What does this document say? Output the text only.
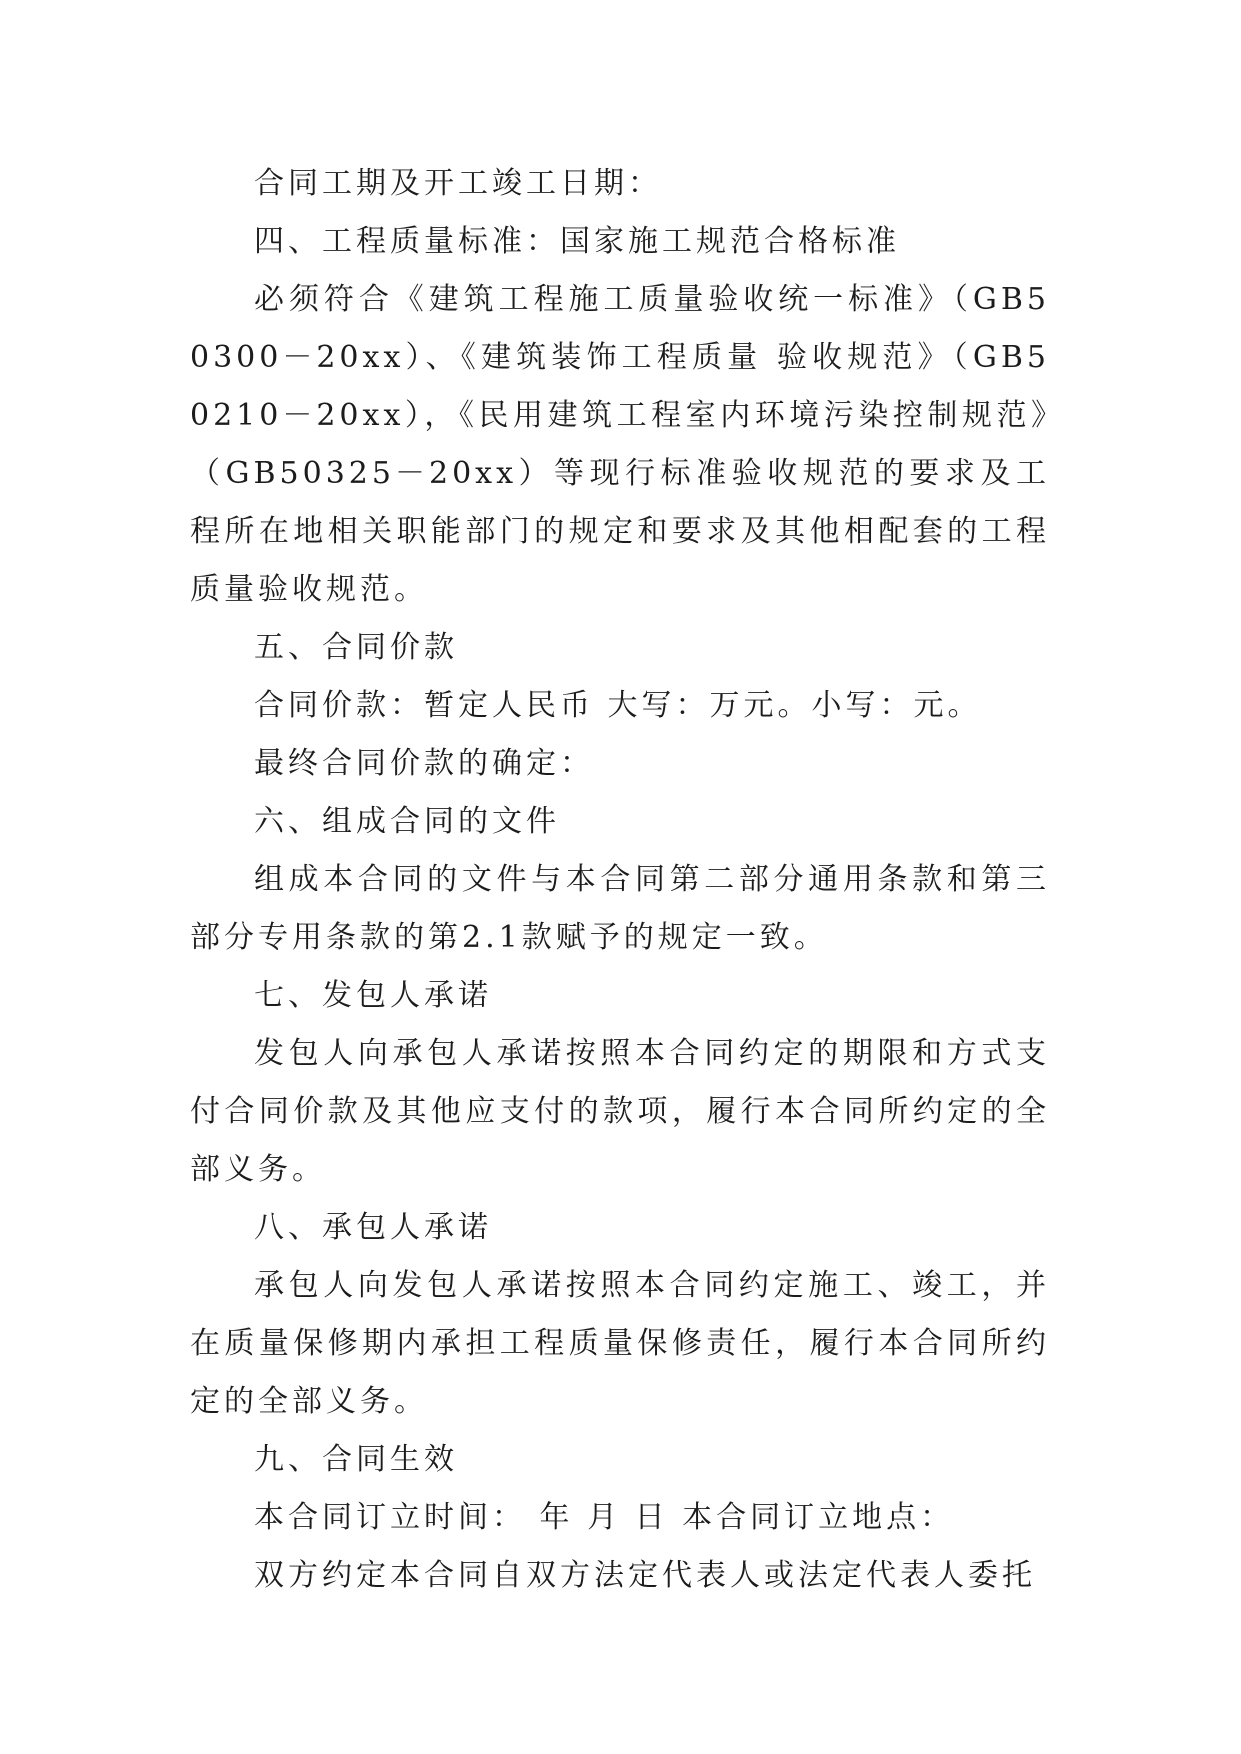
合同工期及开工竣工日期：

四、工程质量标准：国家施工规范合格标准

必须符合《建筑工程施工质量验收统一标准》（GB50300－20xx）、《建筑装饰工程质量 验收规范》（GB50210－20xx），《民用建筑工程室内环境污染控制规范》（GB50325－20xx）等现行标准验收规范的要求及工程所在地相关职能部门的规定和要求及其他相配套的工程质量验收规范。

五、合同价款

合同价款：暂定人民币 大写：万元。小写：元。

最终合同价款的确定：

六、组成合同的文件

组成本合同的文件与本合同第二部分通用条款和第三部分专用条款的第2.1款赋予的规定一致。

七、发包人承诺

发包人向承包人承诺按照本合同约定的期限和方式支付合同价款及其他应支付的款项，履行本合同所约定的全部义务。

八、承包人承诺

承包人向发包人承诺按照本合同约定施工、竣工，并在质量保修期内承担工程质量保修责任，履行本合同所约定的全部义务。

九、合同生效

本合同订立时间： 年 月 日 本合同订立地点：

双方约定本合同自双方法定代表人或法定代表人委托
